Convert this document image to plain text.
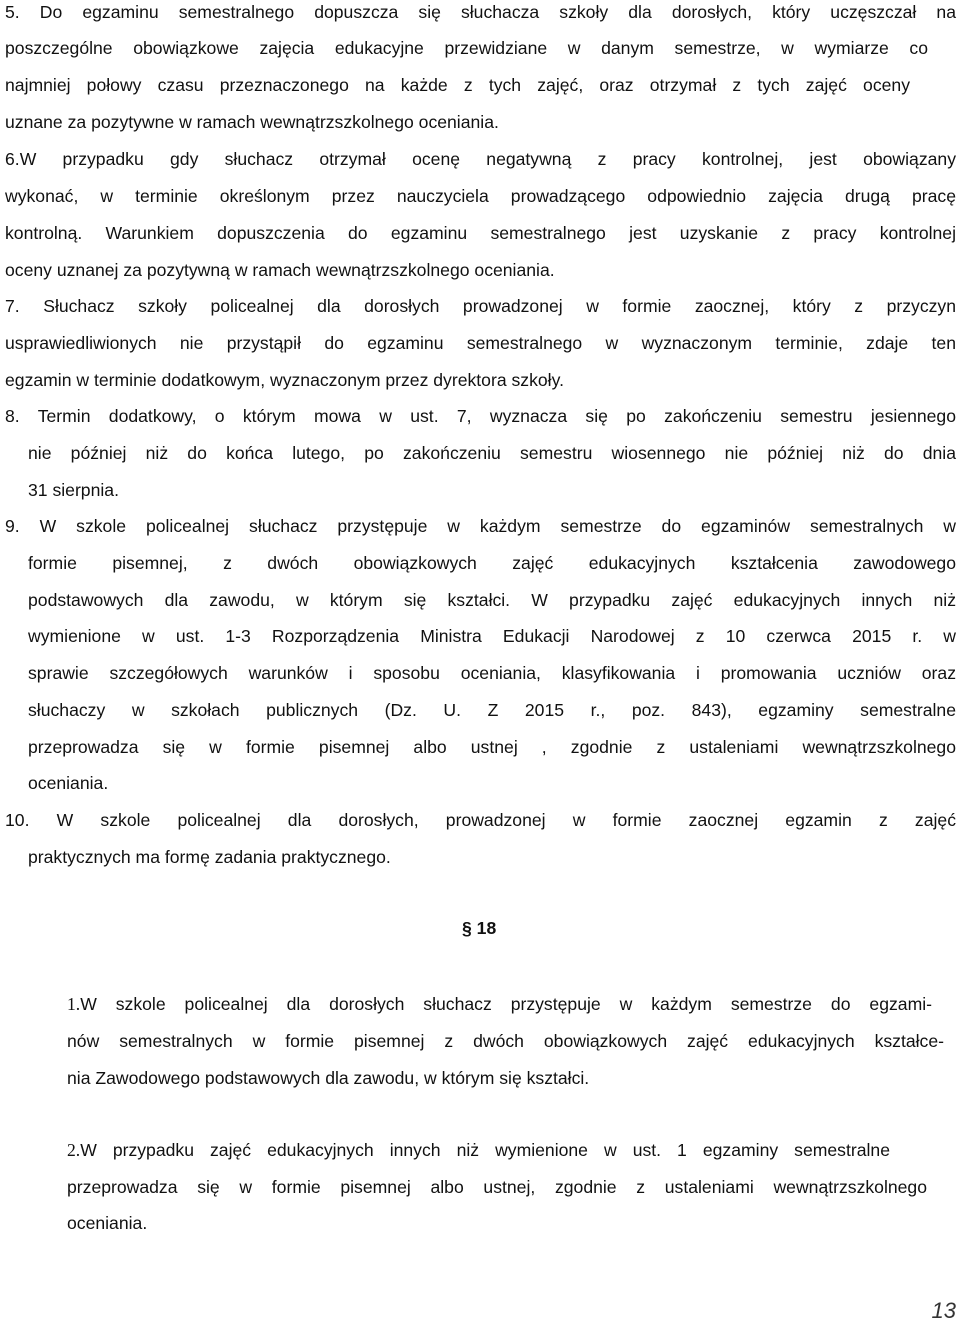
5. Do egzaminu semestralnego dopuszcza się słuchacza szkoły dla dorosłych, który uczęszczał na
poszczególne obowiązkowe zajęcia edukacyjne przewidziane w danym semestrze, w wymiarze co
najmniej połowy czasu przeznaczonego na każde z tych zajęć, oraz otrzymał z tych zajęć oceny
uznane za pozytywne w ramach wewnątrzszkolnego oceniania.
6.W przypadku gdy słuchacz otrzymał ocenę negatywną z pracy kontrolnej, jest obowiązany
wykonać, w terminie określonym przez nauczyciela prowadzącego odpowiednio zajęcia drugą pracę
kontrolną. Warunkiem dopuszczenia do egzaminu semestralnego jest uzyskanie z pracy kontrolnej
oceny uznanej za pozytywną w ramach wewnątrzszkolnego oceniania.
7. Słuchacz szkoły policealnej dla dorosłych prowadzonej w formie zaocznej, który z przyczyn
usprawiedliwionych nie przystąpił do egzaminu semestralnego w wyznaczonym terminie, zdaje ten
egzamin w terminie dodatkowym, wyznaczonym przez dyrektora szkoły.
8. Termin dodatkowy, o którym mowa w ust. 7, wyznacza się po zakończeniu semestru jesiennego
nie później niż do końca lutego, po zakończeniu semestru wiosennego nie później niż do dnia
31 sierpnia.
9. W szkole policealnej słuchacz przystępuje w każdym semestrze do egzaminów semestralnych w
formie pisemnej, z dwóch obowiązkowych zajęć edukacyjnych kształcenia zawodowego
podstawowych dla zawodu, w którym się kształci. W przypadku zajęć edukacyjnych innych niż
wymienione w ust. 1-3 Rozporządzenia Ministra Edukacji Narodowej z 10 czerwca 2015 r. w
sprawie szczegółowych warunków i sposobu oceniania, klasyfikowania i promowania uczniów oraz
słuchaczy w szkołach publicznych (Dz. U. Z 2015 r., poz. 843), egzaminy semestralne
przeprowadza się w formie pisemnej albo ustnej , zgodnie z ustaleniami wewnątrzszkolnego
oceniania.
10. W szkole policealnej dla dorosłych, prowadzonej w formie zaocznej egzamin z zajęć
praktycznych ma formę zadania praktycznego.
§ 18
1.W szkole policealnej dla dorosłych słuchacz przystępuje w każdym semestrze do egzami-
nów semestralnych w formie pisemnej z dwóch obowiązkowych zajęć edukacyjnych kształce-
nia Zawodowego podstawowych dla zawodu, w którym się kształci.
2.W przypadku zajęć edukacyjnych innych niż wymienione w ust. 1 egzaminy semestralne
przeprowadza się w formie pisemnej albo ustnej, zgodnie z ustaleniami wewnątrzszkolnego
oceniania.
13
